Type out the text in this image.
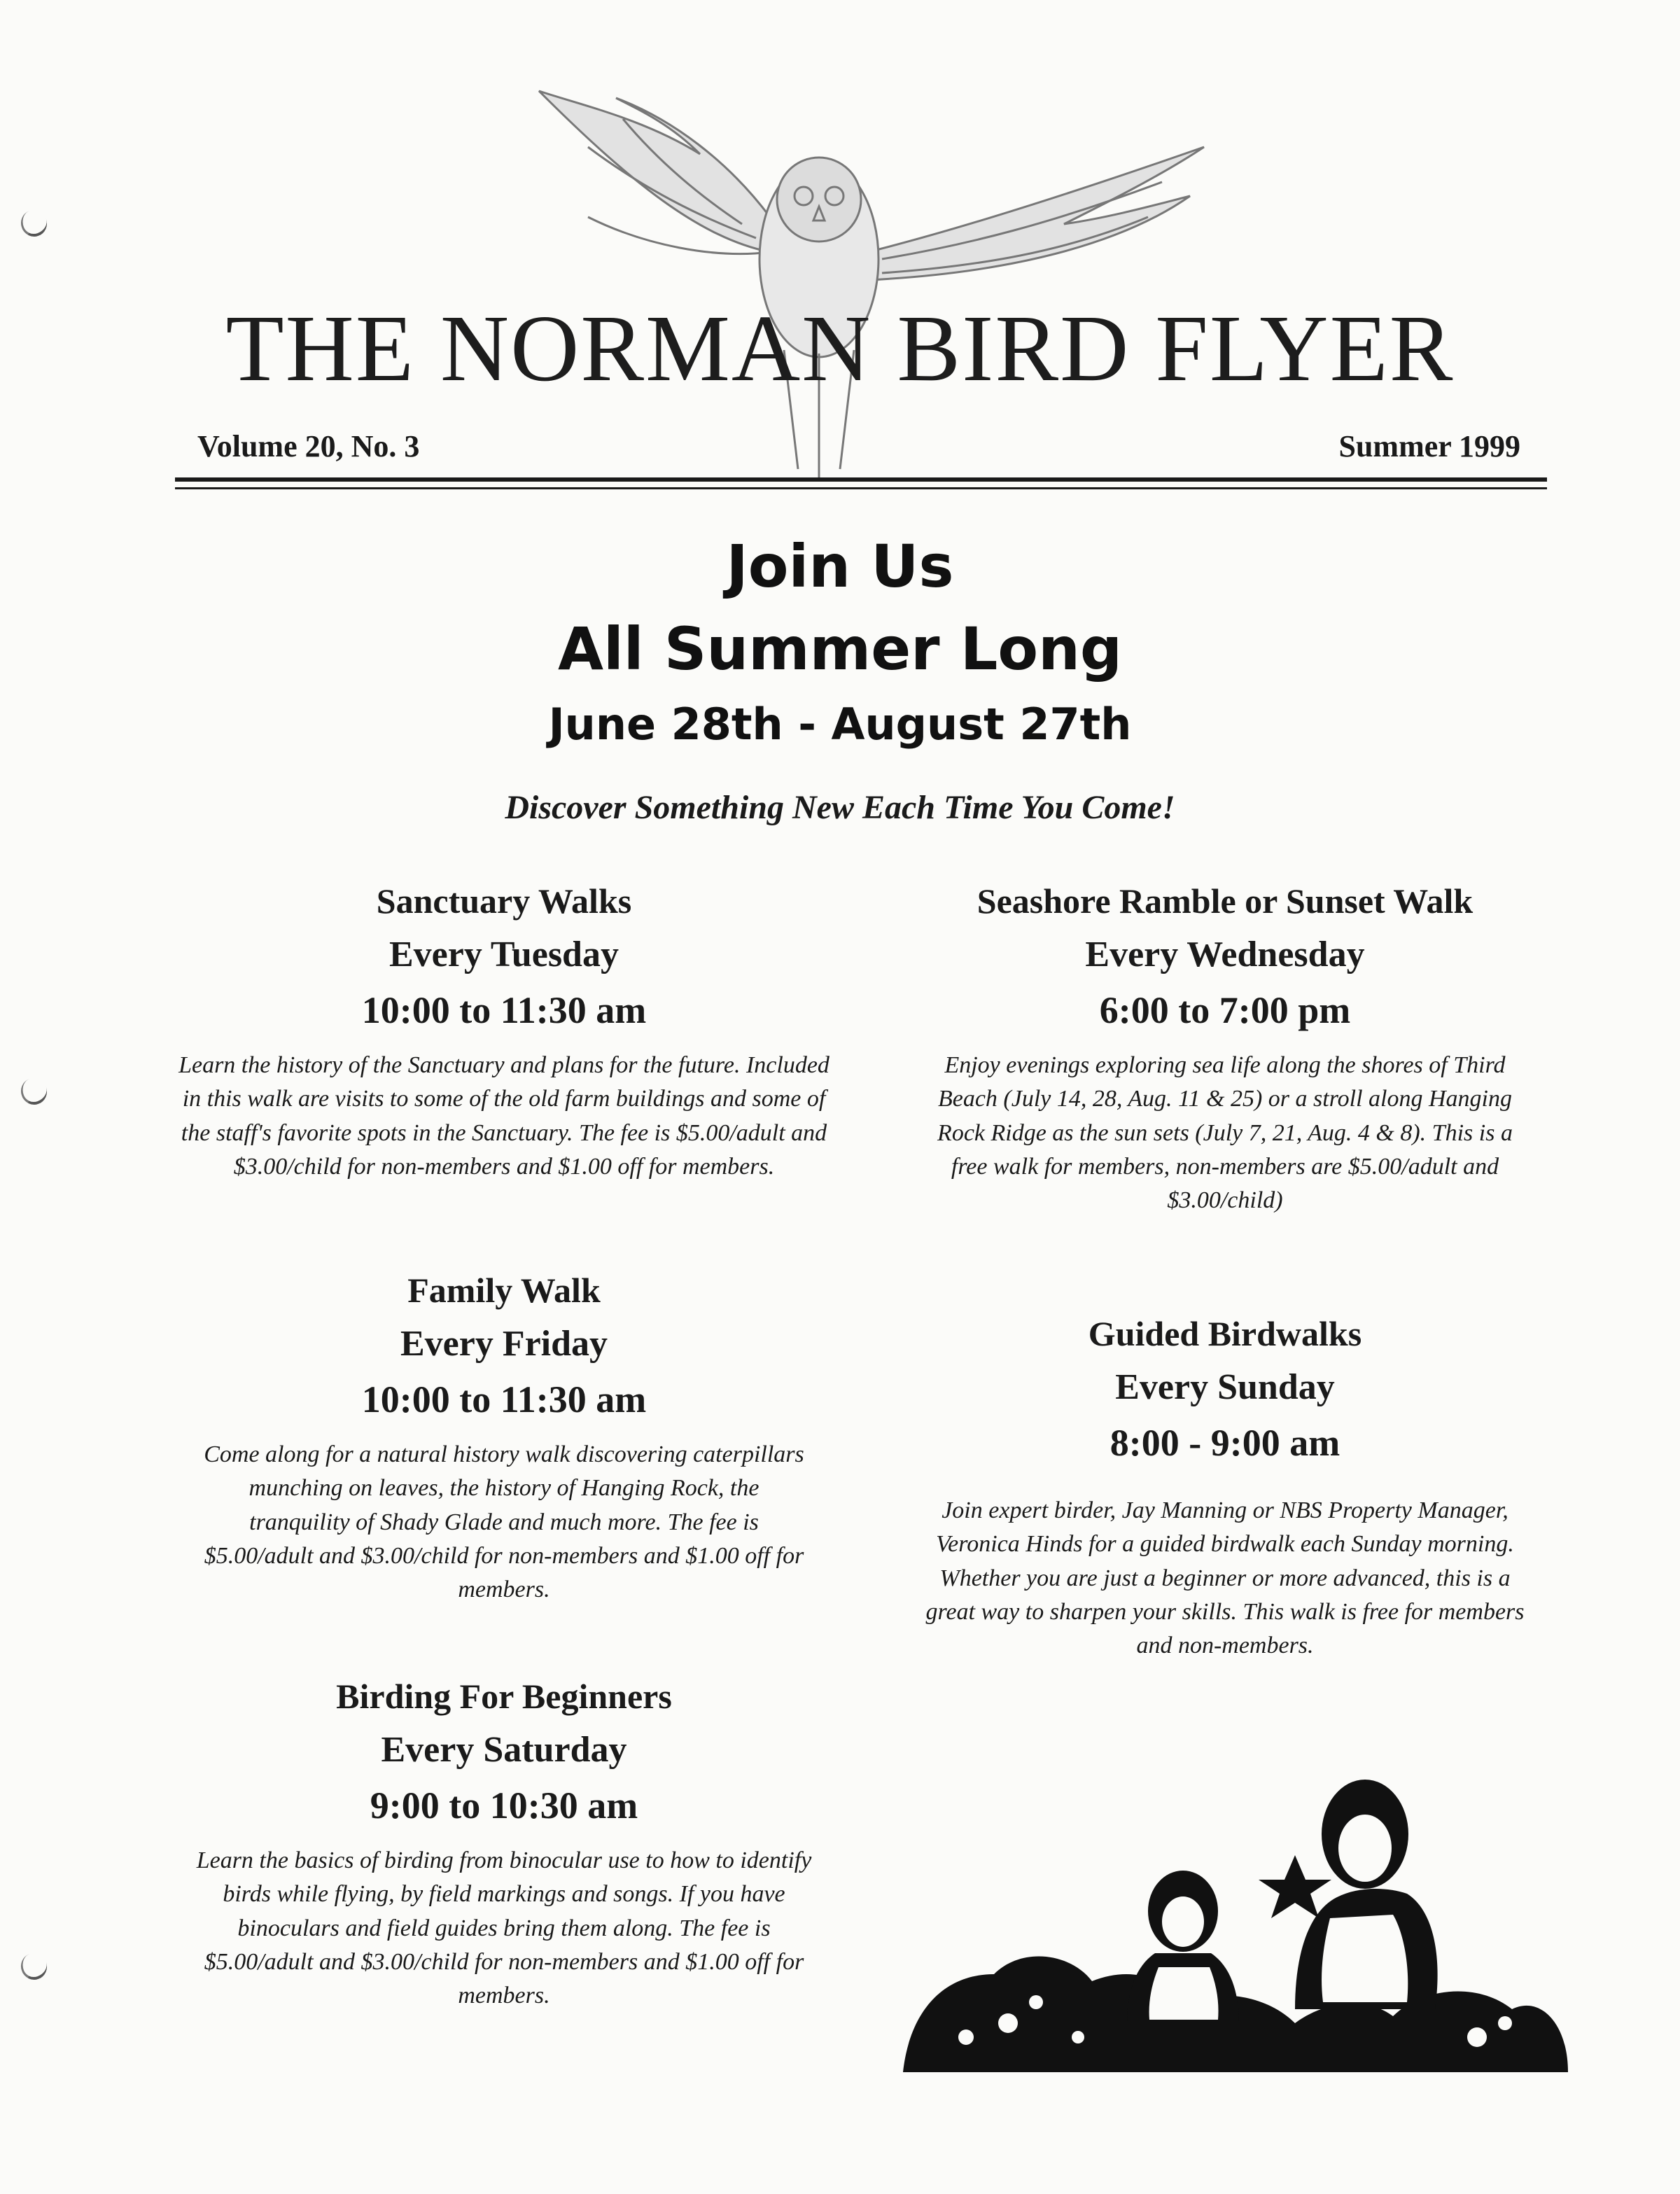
THE NORMAN BIRD FLYER
Volume 20, No. 3	Summer 1999
Join Us
All Summer Long
June 28th - August 27th
Discover Something New Each Time You Come!
Sanctuary Walks
Every Tuesday
10:00 to 11:30 am
Learn the history of the Sanctuary and plans for the future. Included in this walk are visits to some of the old farm buildings and some of the staff's favorite spots in the Sanctuary. The fee is $5.00/adult and $3.00/child for non-members and $1.00 off for members.
Family Walk
Every Friday
10:00 to 11:30 am
Come along for a natural history walk discovering caterpillars munching on leaves, the history of Hanging Rock, the tranquility of Shady Glade and much more. The fee is $5.00/adult and $3.00/child for non-members and $1.00 off for members.
Birding For Beginners
Every Saturday
9:00 to 10:30 am
Learn the basics of birding from binocular use to how to identify birds while flying, by field markings and songs. If you have binoculars and field guides bring them along. The fee is $5.00/adult and $3.00/child for non-members and $1.00 off for members.
Seashore Ramble or Sunset Walk
Every Wednesday
6:00 to 7:00 pm
Enjoy evenings exploring sea life along the shores of Third Beach (July 14, 28, Aug. 11 & 25) or a stroll along Hanging Rock Ridge as the sun sets (July 7, 21, Aug. 4 & 8). This is a free walk for members, non-members are $5.00/adult and $3.00/child)
Guided Birdwalks
Every Sunday
8:00 - 9:00 am
Join expert birder, Jay Manning or NBS Property Manager, Veronica Hinds for a guided birdwalk each Sunday morning. Whether you are just a beginner or more advanced, this is a great way to sharpen your skills. This walk is free for members and non-members.
